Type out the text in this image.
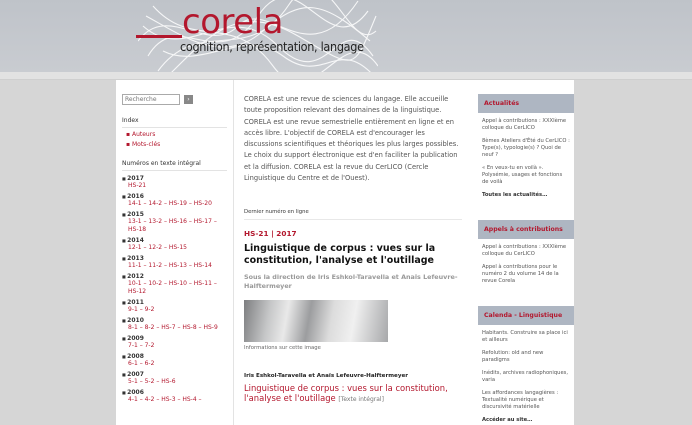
corela
cognition, représentation, langage
Recherche
›
Index
▪ Auteurs
▪ Mots-clés
Numéros en texte intégral
■ 2017
HS-21
■ 2016
14-1 – 14-2 – HS-19 – HS-20
■ 2015
13-1 – 13-2 – HS-16 – HS-17 – HS-18
■ 2014
12-1 – 12-2 – HS-15
■ 2013
11-1 – 11-2 – HS-13 – HS-14
■ 2012
10-1 – 10-2 – HS-10 – HS-11 – HS-12
■ 2011
9-1 – 9-2
■ 2010
8-1 – 8-2 – HS-7 – HS-8 – HS-9
■ 2009
7-1 – 7-2
■ 2008
6-1 – 6-2
■ 2007
5-1 – 5-2 – HS-6
■ 2006
4-1 – 4-2 – HS-3 – HS-4 –
CORELA est une revue de sciences du langage. Elle accueille toute proposition relevant des domaines de la linguistique. CORELA est une revue semestrielle entièrement en ligne et en accès libre. L'objectif de CORELA est d'encourager les discussions scientifiques et théoriques les plus larges possibles. Le choix du support électronique est d'en faciliter la publication et la diffusion. CORELA est la revue du CerLICO (Cercle Linguistique du Centre et de l'Ouest).
Dernier numéro en ligne
HS-21 | 2017
Linguistique de corpus : vues sur la constitution, l'analyse et l'outillage
Sous la direction de Iris Eshkol-Taravella et Anaïs Lefeuvre-Halftermeyer
Informations sur cette image
Iris Eshkol-Taravella et Anaïs Lefeuvre-Halftermeyer
Linguistique de corpus : vues sur la constitution, l'analyse et l'outillage [Texte intégral]
Actualités

Appel à contributions : XXXIème colloque du CerLICO

8èmes Ateliers d'Été du CerLICO : Type(s), typologie(s) ? Quoi de neuf ?

« En veux-tu en voilà ». Polysémie, usages et fonctions de voilà

Toutes les actualités…

Appels à contributions

Appel à contributions : XXXIème colloque du CerLICO

Appel à contributions pour le numéro 2 du volume 14 de la revue Corela

Calenda - Linguistique

Habitants. Construire sa place ici et ailleurs

Refolution: old and new paradigms

Inédits, archives radiophoniques, varia

Les affordances langagières : Textualité numérique et discursivité matérielle

Accéder au site…
